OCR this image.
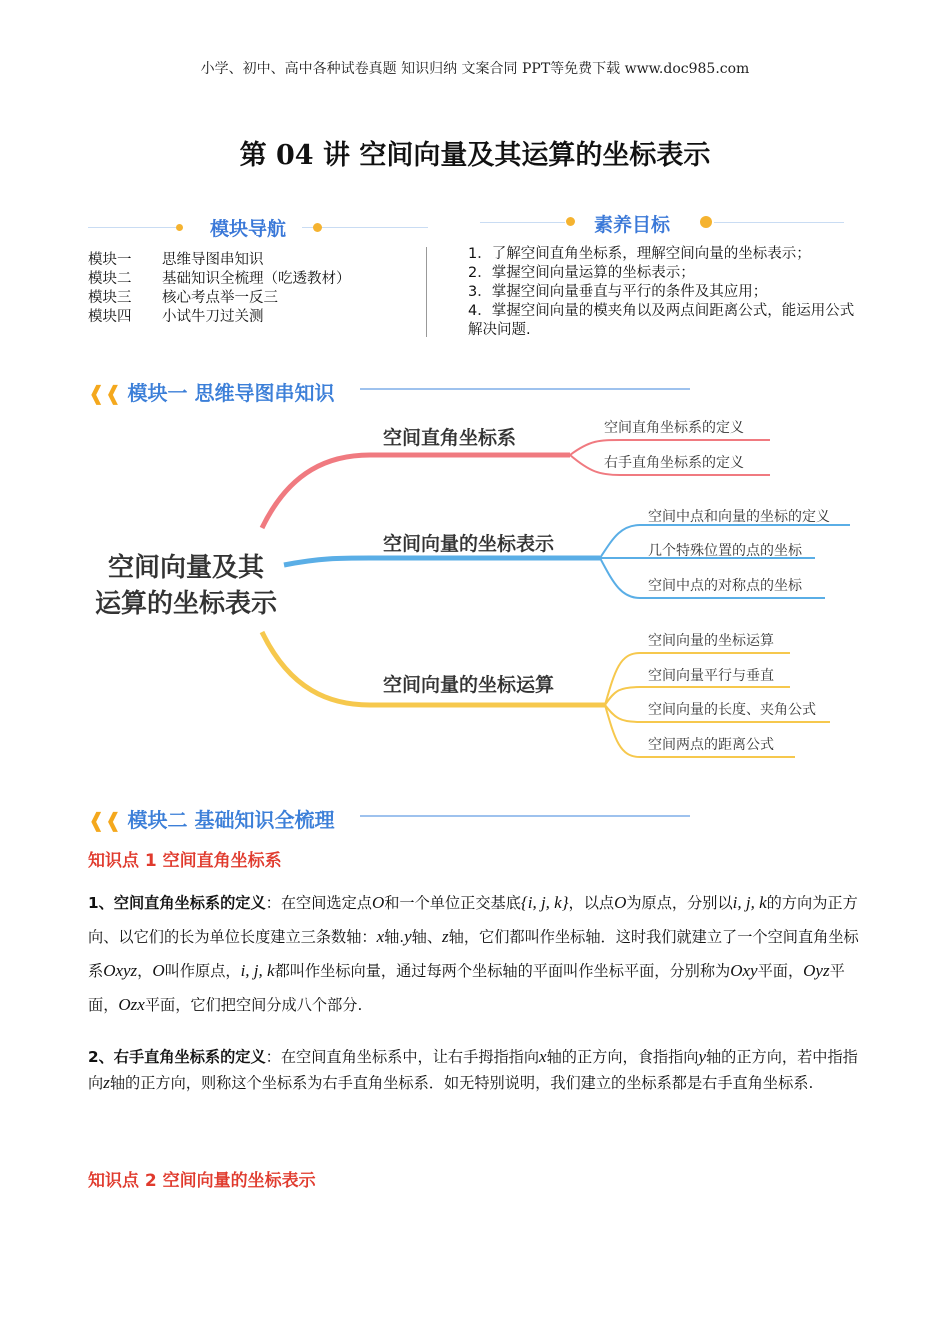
小学、初中、高中各种试卷真题 知识归纳 文案合同 PPT等免费下载 www.doc985.com
第 04 讲 空间向量及其运算的坐标表示
模块导航
模块一 思维导图串知识
模块二 基础知识全梳理（吃透教材）
模块三 核心考点举一反三
模块四 小试牛刀过关测
素养目标
1．了解空间直角坐标系，理解空间向量的坐标表示；
2．掌握空间向量运算的坐标表示；
3．掌握空间向量垂直与平行的条件及其应用；
4．掌握空间向量的模夹角以及两点间距离公式，能运用公式解决问题.
❰❰ 模块一 思维导图串知识
空间向量及其
运算的坐标表示
空间直角坐标系	空间直角坐标系的定义
右手直角坐标系的定义
空间向量的坐标表示
空间中点和向量的坐标的定义
几个特殊位置的点的坐标
空间中点的对称点的坐标
空间向量的坐标运算
空间向量的坐标运算
空间向量平行与垂直
空间向量的长度、夹角公式
空间两点的距离公式
❰❰ 模块二 基础知识全梳理
知识点 1 空间直角坐标系
1、空间直角坐标系的定义：在空间选定点O和一个单位正交基底{i, j, k}，以点O为原点，分别以i, j, k的方向为正方向、以它们的长为单位长度建立三条数轴：x轴.y轴、z轴，它们都叫作坐标轴．这时我们就建立了一个空间直角坐标系Oxyz，O叫作原点，i, j, k都叫作坐标向量，通过每两个坐标轴的平面叫作坐标平面，分别称为Oxy平面，Oyz平面，Ozx平面，它们把空间分成八个部分.
2、右手直角坐标系的定义：在空间直角坐标系中，让右手拇指指向x轴的正方向，食指指向y轴的正方向，若中指指向z轴的正方向，则称这个坐标系为右手直角坐标系．如无特别说明，我们建立的坐标系都是右手直角坐标系.
知识点 2 空间向量的坐标表示
